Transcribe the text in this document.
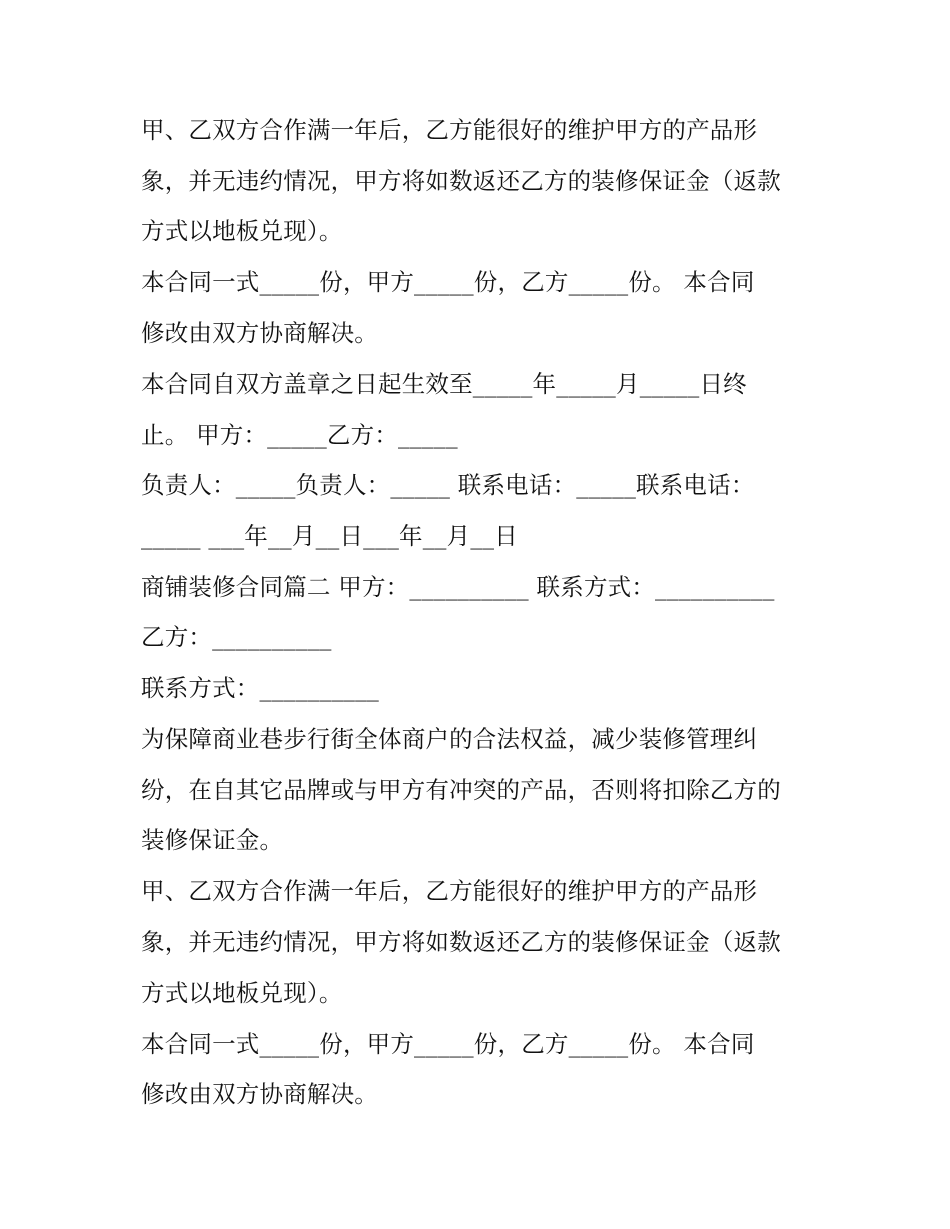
甲、乙双方合作满一年后，乙方能很好的维护甲方的产品形
象，并无违约情况，甲方将如数返还乙方的装修保证金（返款
方式以地板兑现）。
本合同一式_____份，甲方_____份，乙方_____份。 本合同
修改由双方协商解决。
本合同自双方盖章之日起生效至_____年_____月_____日终
止。 甲方：_____乙方：_____
负责人：_____负责人：_____ 联系电话：_____联系电话：
_____ ___年__月__日___年__月__日
商铺装修合同篇二 甲方：__________ 联系方式：__________
乙方：__________
联系方式：__________
为保障商业巷步行街全体商户的合法权益，减少装修管理纠
纷，在自其它品牌或与甲方有冲突的产品，否则将扣除乙方的
装修保证金。
甲、乙双方合作满一年后，乙方能很好的维护甲方的产品形
象，并无违约情况，甲方将如数返还乙方的装修保证金（返款
方式以地板兑现）。
本合同一式_____份，甲方_____份，乙方_____份。 本合同
修改由双方协商解决。
